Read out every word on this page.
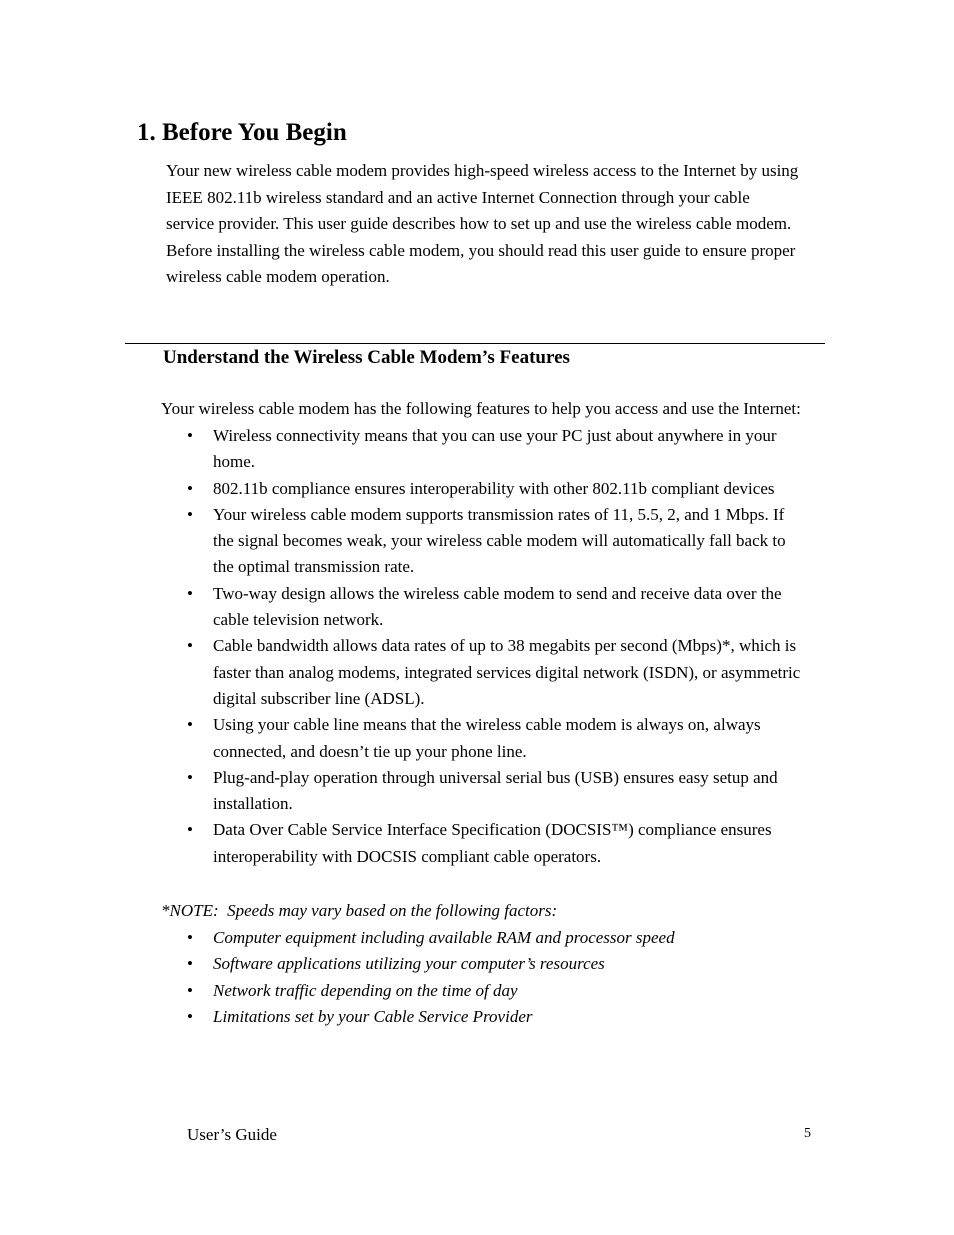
1. Before You Begin

Your new wireless cable modem provides high-speed wireless access to the Internet by using
IEEE 802.11b wireless standard and an active Internet Connection through your cable
service provider. This user guide describes how to set up and use the wireless cable modem.
Before installing the wireless cable modem, you should read this user guide to ensure proper
wireless cable modem operation.

Understand the Wireless Cable Modem’s Features

Your wireless cable modem has the following features to help you access and use the Internet:

• Wireless connectivity means that you can use your PC just about anywhere in your
home.
• 802.11b compliance ensures interoperability with other 802.11b compliant devices
• Your wireless cable modem supports transmission rates of 11, 5.5, 2, and 1 Mbps. If
the signal becomes weak, your wireless cable modem will automatically fall back to
the optimal transmission rate.
• Two-way design allows the wireless cable modem to send and receive data over the
cable television network.
• Cable bandwidth allows data rates of up to 38 megabits per second (Mbps)*, which is
faster than analog modems, integrated services digital network (ISDN), or asymmetric
digital subscriber line (ADSL).
• Using your cable line means that the wireless cable modem is always on, always
connected, and doesn’t tie up your phone line.
• Plug-and-play operation through universal serial bus (USB) ensures easy setup and
installation.
• Data Over Cable Service Interface Specification (DOCSIS™) compliance ensures
interoperability with DOCSIS compliant cable operators.

*NOTE:  Speeds may vary based on the following factors:

• Computer equipment including available RAM and processor speed
• Software applications utilizing your computer’s resources
• Network traffic depending on the time of day
• Limitations set by your Cable Service Provider

User’s Guide	5
